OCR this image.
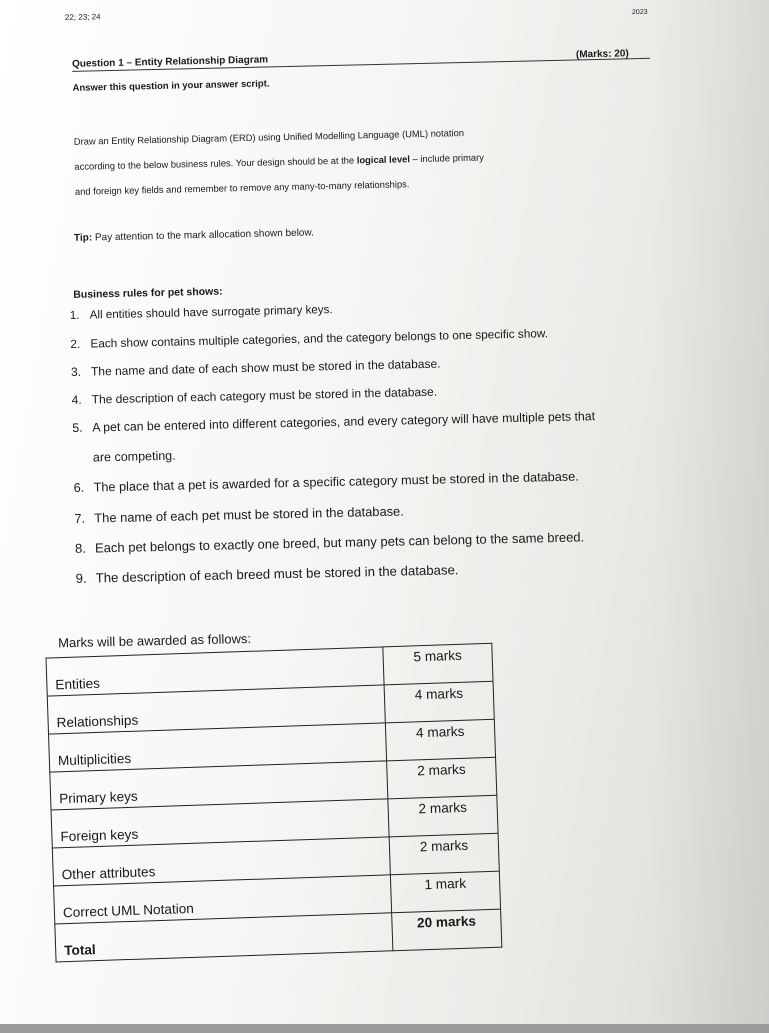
22; 23; 24	2023
Question 1 – Entity Relationship Diagram
(Marks: 20)
Answer this question in your answer script.
Draw an Entity Relationship Diagram (ERD) using Unified Modelling Language (UML) notation
according to the below business rules. Your design should be at the logical level – include primary
and foreign key fields and remember to remove any many-to-many relationships.
Tip: Pay attention to the mark allocation shown below.
Business rules for pet shows:
1. All entities should have surrogate primary keys.
2. Each show contains multiple categories, and the category belongs to one specific show.
3. The name and date of each show must be stored in the database.
4. The description of each category must be stored in the database.
5. A pet can be entered into different categories, and every category will have multiple pets that
are competing.
6. The place that a pet is awarded for a specific category must be stored in the database.
7. The name of each pet must be stored in the database.
8. Each pet belongs to exactly one breed, but many pets can belong to the same breed.
9. The description of each breed must be stored in the database.
Marks will be awarded as follows:
Entities	5 marks
Relationships	4 marks
Multiplicities	4 marks
Primary keys	2 marks
Foreign keys	2 marks
Other attributes	2 marks
Correct UML Notation	1 mark
Total	20 marks
